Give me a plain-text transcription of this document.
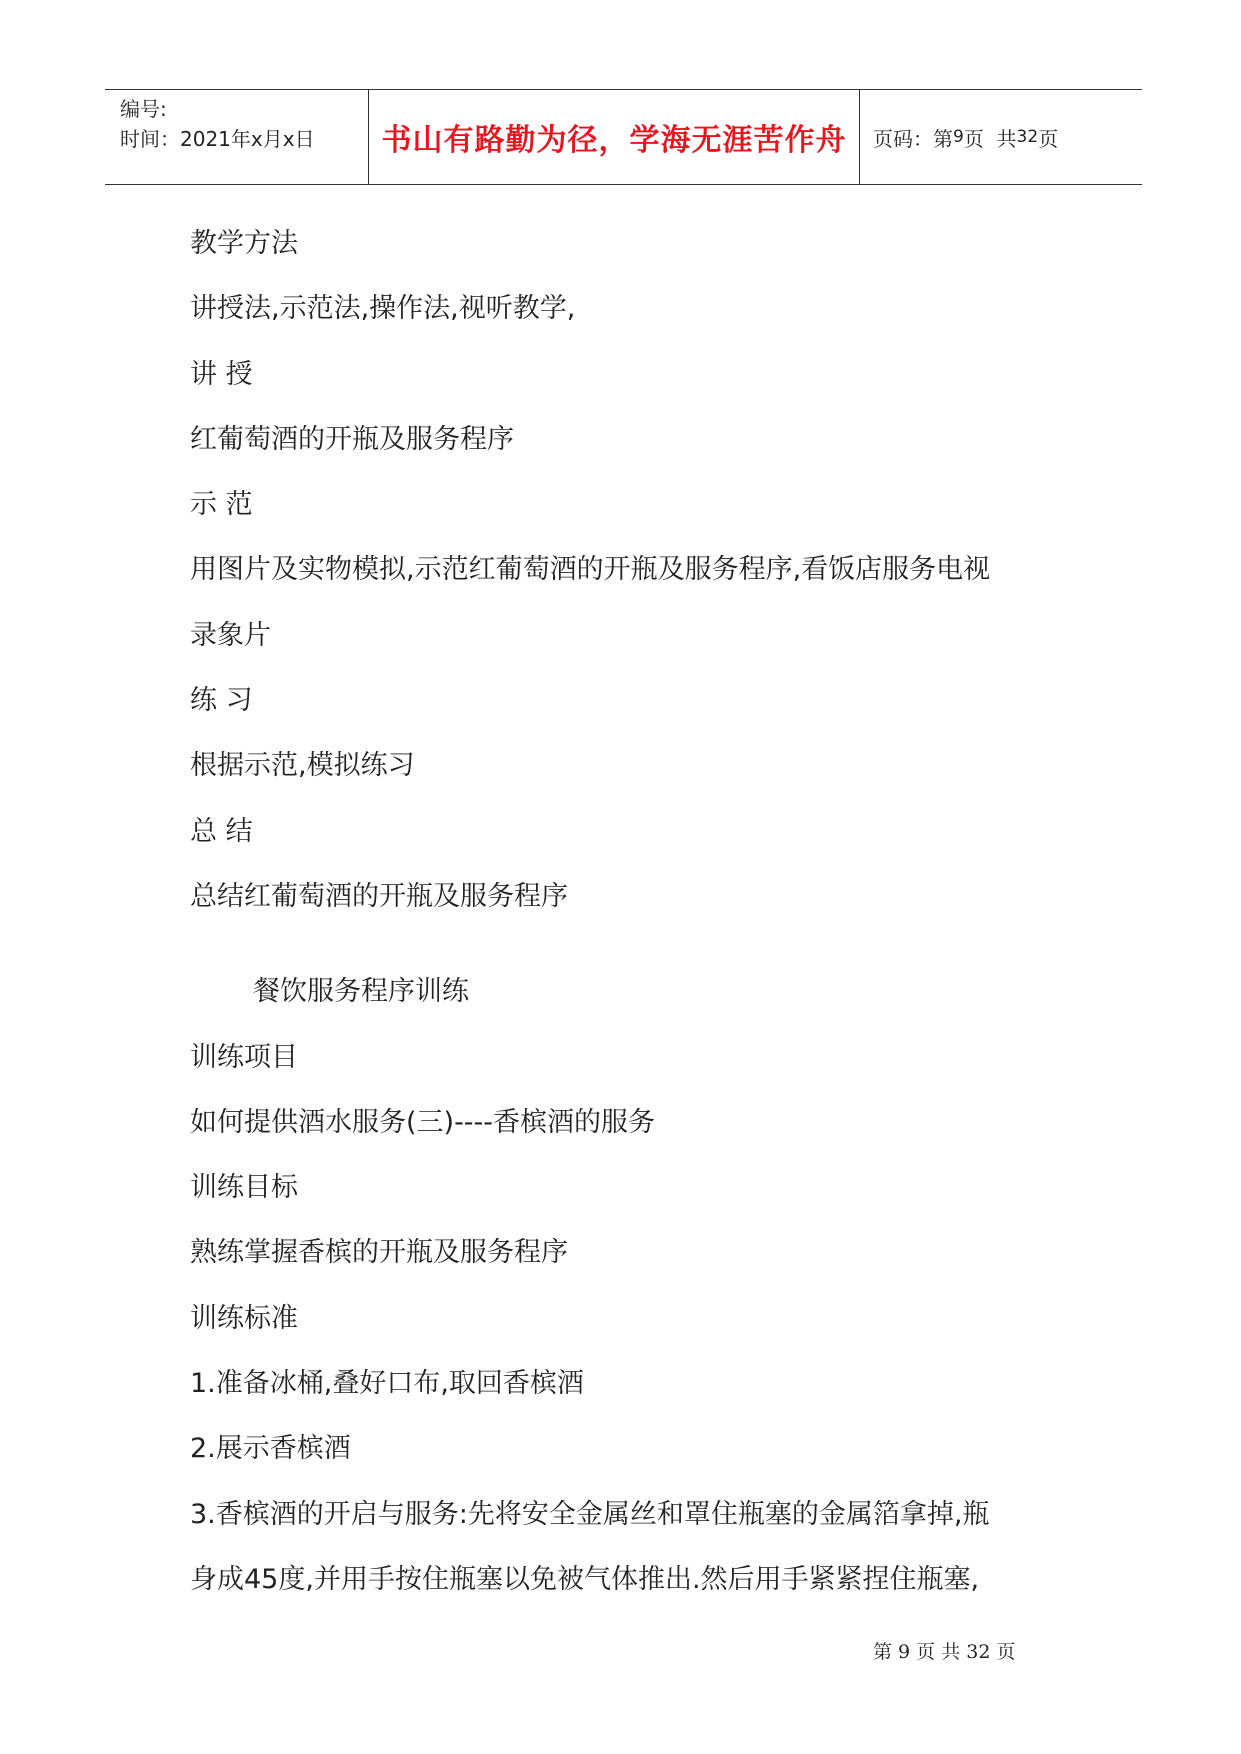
编号:
时间：2021年x月x日	书山有路勤为径，学海无涯苦作舟	页码：第 9 页  共 32 页
教学方法
讲授法,示范法,操作法,视听教学,
讲 授
红葡萄酒的开瓶及服务程序
示 范
用图片及实物模拟,示范红葡萄酒的开瓶及服务程序,看饭店服务电视
录象片
练 习
根据示范,模拟练习
总 结
总结红葡萄酒的开瓶及服务程序
餐饮服务程序训练
训练项目
如何提供酒水服务(三)----香槟酒的服务
训练目标
熟练掌握香槟的开瓶及服务程序
训练标准
1.准备冰桶,叠好口布,取回香槟酒
2.展示香槟酒
3.香槟酒的开启与服务:先将安全金属丝和罩住瓶塞的金属箔拿掉,瓶
身成45度,并用手按住瓶塞以免被气体推出.然后用手紧紧捏住瓶塞,
第 9 页 共 32 页
